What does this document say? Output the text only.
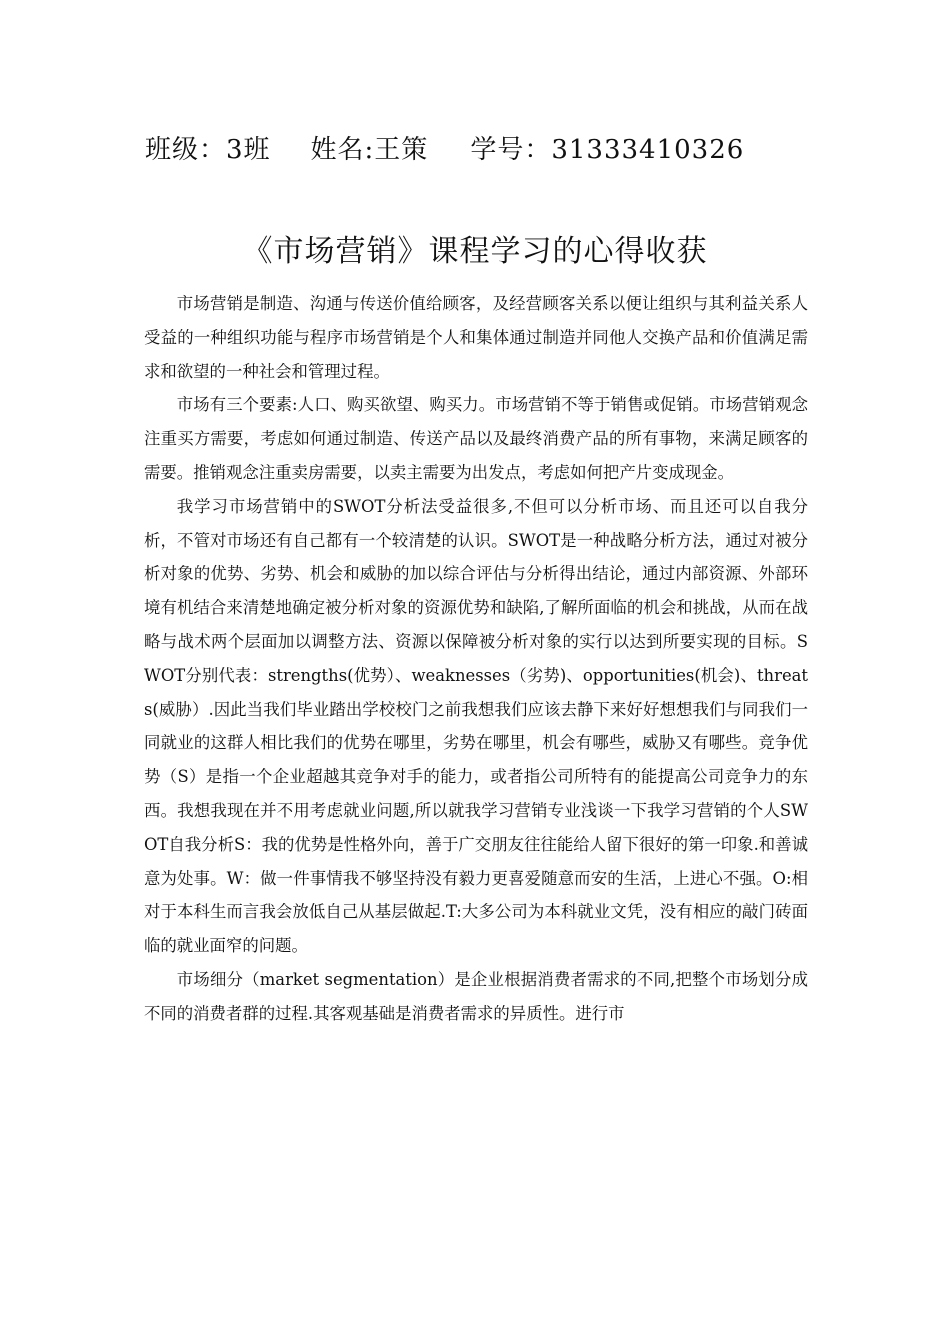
班级：3班 姓名:王策 学号：31333410326
《市场营销》课程学习的心得收获

市场营销是制造、沟通与传送价值给顾客，及经营顾客关系以便让组织与其利益关系人受益的一种组织功能与程序市场营销是个人和集体通过制造并同他人交换产品和价值满足需求和欲望的一种社会和管理过程。

市场有三个要素:人口、购买欲望、购买力。市场营销不等于销售或促销。市场营销观念注重买方需要，考虑如何通过制造、传送产品以及最终消费产品的所有事物，来满足顾客的需要。推销观念注重卖房需要，以卖主需要为出发点，考虑如何把产片变成现金。

我学习市场营销中的SWOT分析法受益很多,不但可以分析市场、而且还可以自我分析，不管对市场还有自己都有一个较清楚的认识。SWOT是一种战略分析方法，通过对被分析对象的优势、劣势、机会和威胁的加以综合评估与分析得出结论，通过内部资源、外部环境有机结合来清楚地确定被分析对象的资源优势和缺陷,了解所面临的机会和挑战，从而在战略与战术两个层面加以调整方法、资源以保障被分析对象的实行以达到所要实现的目标。SWOT分别代表：strengths(优势）、weaknesses（劣势)、opportunities(机会)、threats(威胁）.因此当我们毕业踏出学校校门之前我想我们应该去静下来好好想想我们与同我们一同就业的这群人相比我们的优势在哪里，劣势在哪里，机会有哪些，威胁又有哪些。竞争优势（S）是指一个企业超越其竞争对手的能力，或者指公司所特有的能提高公司竞争力的东西。我想我现在并不用考虑就业问题,所以就我学习营销专业浅谈一下我学习营销的个人SWOT自我分析S：我的优势是性格外向，善于广交朋友往往能给人留下很好的第一印象.和善诚意为处事。W：做一件事情我不够坚持没有毅力更喜爱随意而安的生活，上进心不强。O:相对于本科生而言我会放低自己从基层做起.T:大多公司为本科就业文凭，没有相应的敲门砖面临的就业面窄的问题。

市场细分（market segmentation）是企业根据消费者需求的不同,把整个市场划分成不同的消费者群的过程.其客观基础是消费者需求的异质性。进行市
